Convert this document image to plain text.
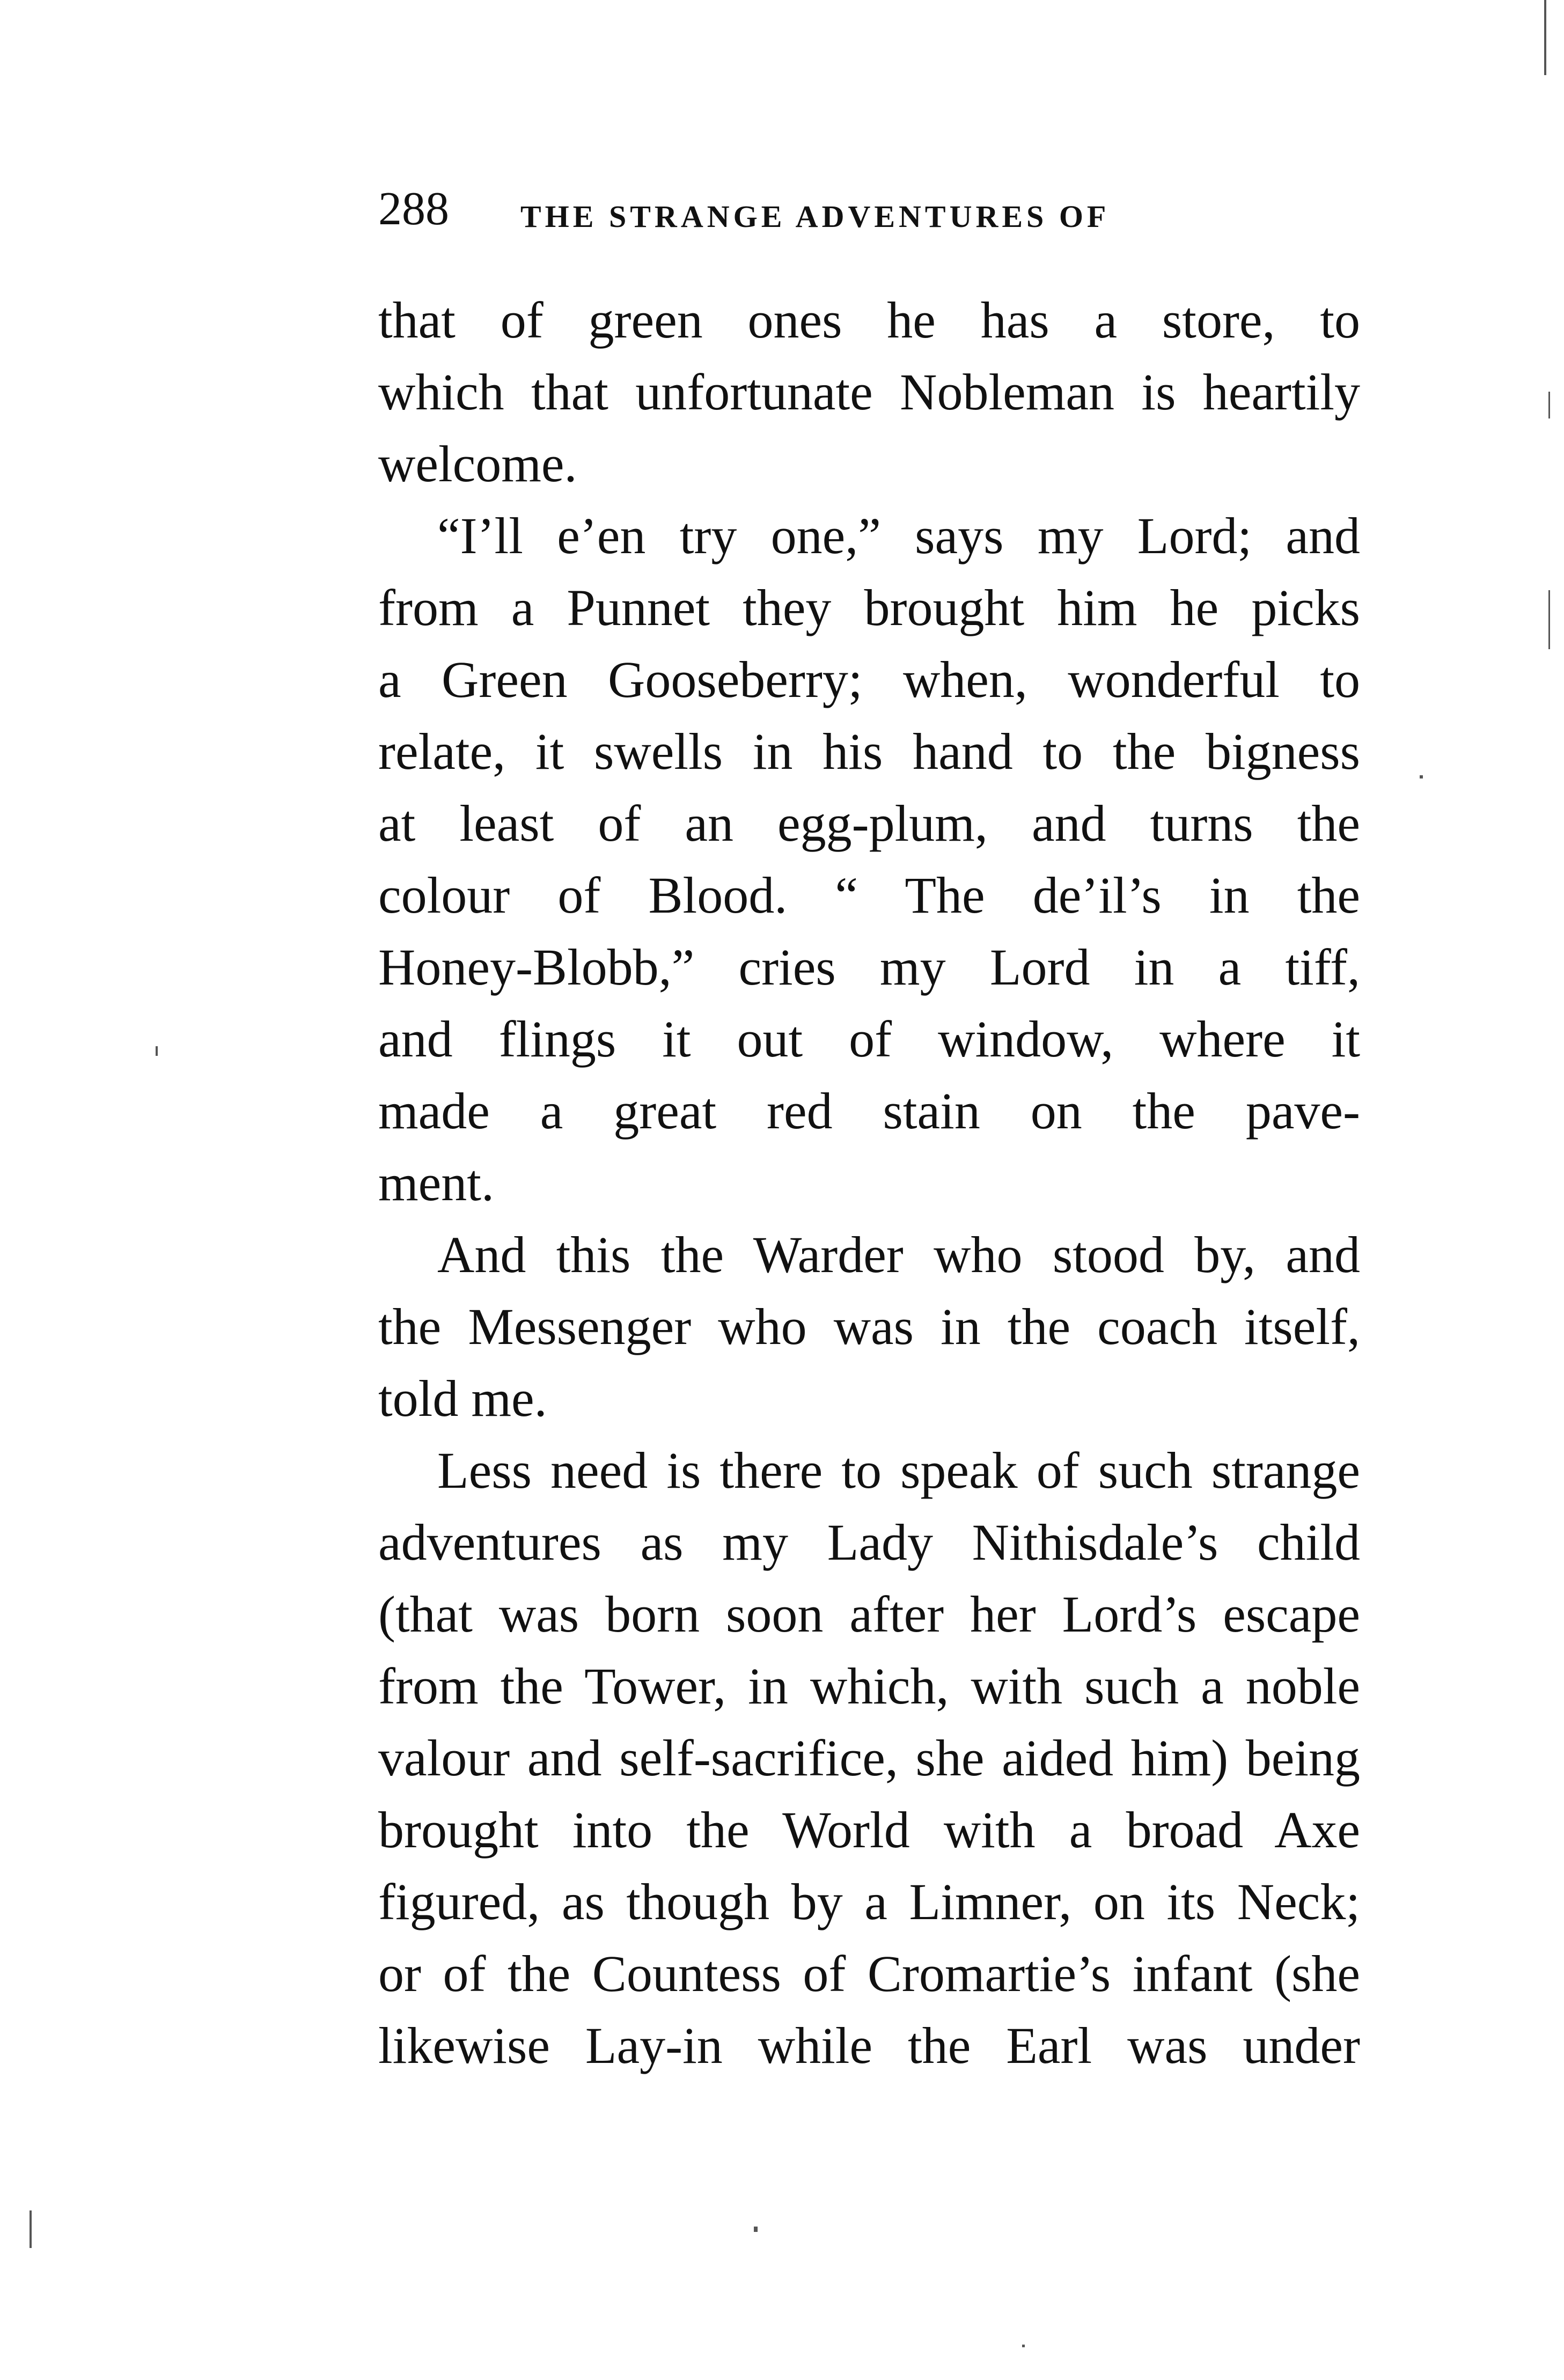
288 THE STRANGE ADVENTURES OF
that of green ones he has a store, to
which that unfortunate Nobleman is heartily
welcome.
“I’ll e’en try one,” says my Lord; and
from a Punnet they brought him he picks
a Green Gooseberry; when, wonderful to
relate, it swells in his hand to the bigness
at least of an egg-plum, and turns the
colour of Blood. “ The de’il’s in the
Honey-Blobb,” cries my Lord in a tiff,
and flings it out of window, where it
made a great red stain on the pave-
ment.
And this the Warder who stood by, and
the Messenger who was in the coach itself,
told me.
Less need is there to speak of such strange
adventures as my Lady Nithisdale’s child
(that was born soon after her Lord’s escape
from the Tower, in which, with such a noble
valour and self-sacrifice, she aided him) being
brought into the World with a broad Axe
figured, as though by a Limner, on its Neck;
or of the Countess of Cromartie’s infant (she
likewise Lay-in while the Earl was under
